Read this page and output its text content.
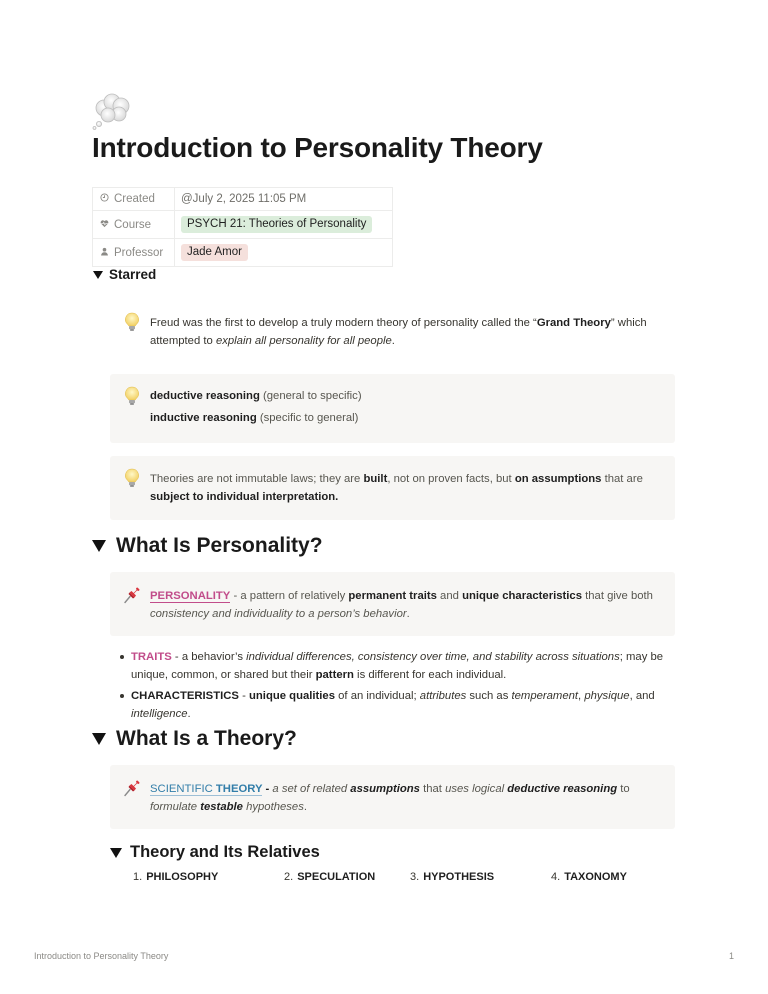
Introduction to Personality Theory
Created	@July 2, 2025 11:05 PM
Course	PSYCH 21: Theories of Personality
Professor	Jade Amor
Starred

Freud was the first to develop a truly modern theory of personality called the “Grand Theory” which attempted to explain all personality for all people.

deductive reasoning (general to specific)

inductive reasoning (specific to general)

Theories are not immutable laws; they are built, not on proven facts, but on assumptions that are subject to individual interpretation.

What Is Personality?

PERSONALITY - a pattern of relatively permanent traits and unique characteristics that give both consistency and individuality to a person’s behavior.

TRAITS - a behavior’s individual differences, consistency over time, and stability across situations; may be unique, common, or shared but their pattern is different for each individual.
CHARACTERISTICS - unique qualities of an individual; attributes such as temperament, physique, and intelligence.
What Is a Theory?

SCIENTIFIC THEORY - a set of related assumptions that uses logical deductive reasoning to formulate testable hypotheses.

Theory and Its Relatives
1. PHILOSOPHY	2. SPECULATION	3. HYPOTHESIS	4. TAXONOMY
Introduction to Personality Theory	1
